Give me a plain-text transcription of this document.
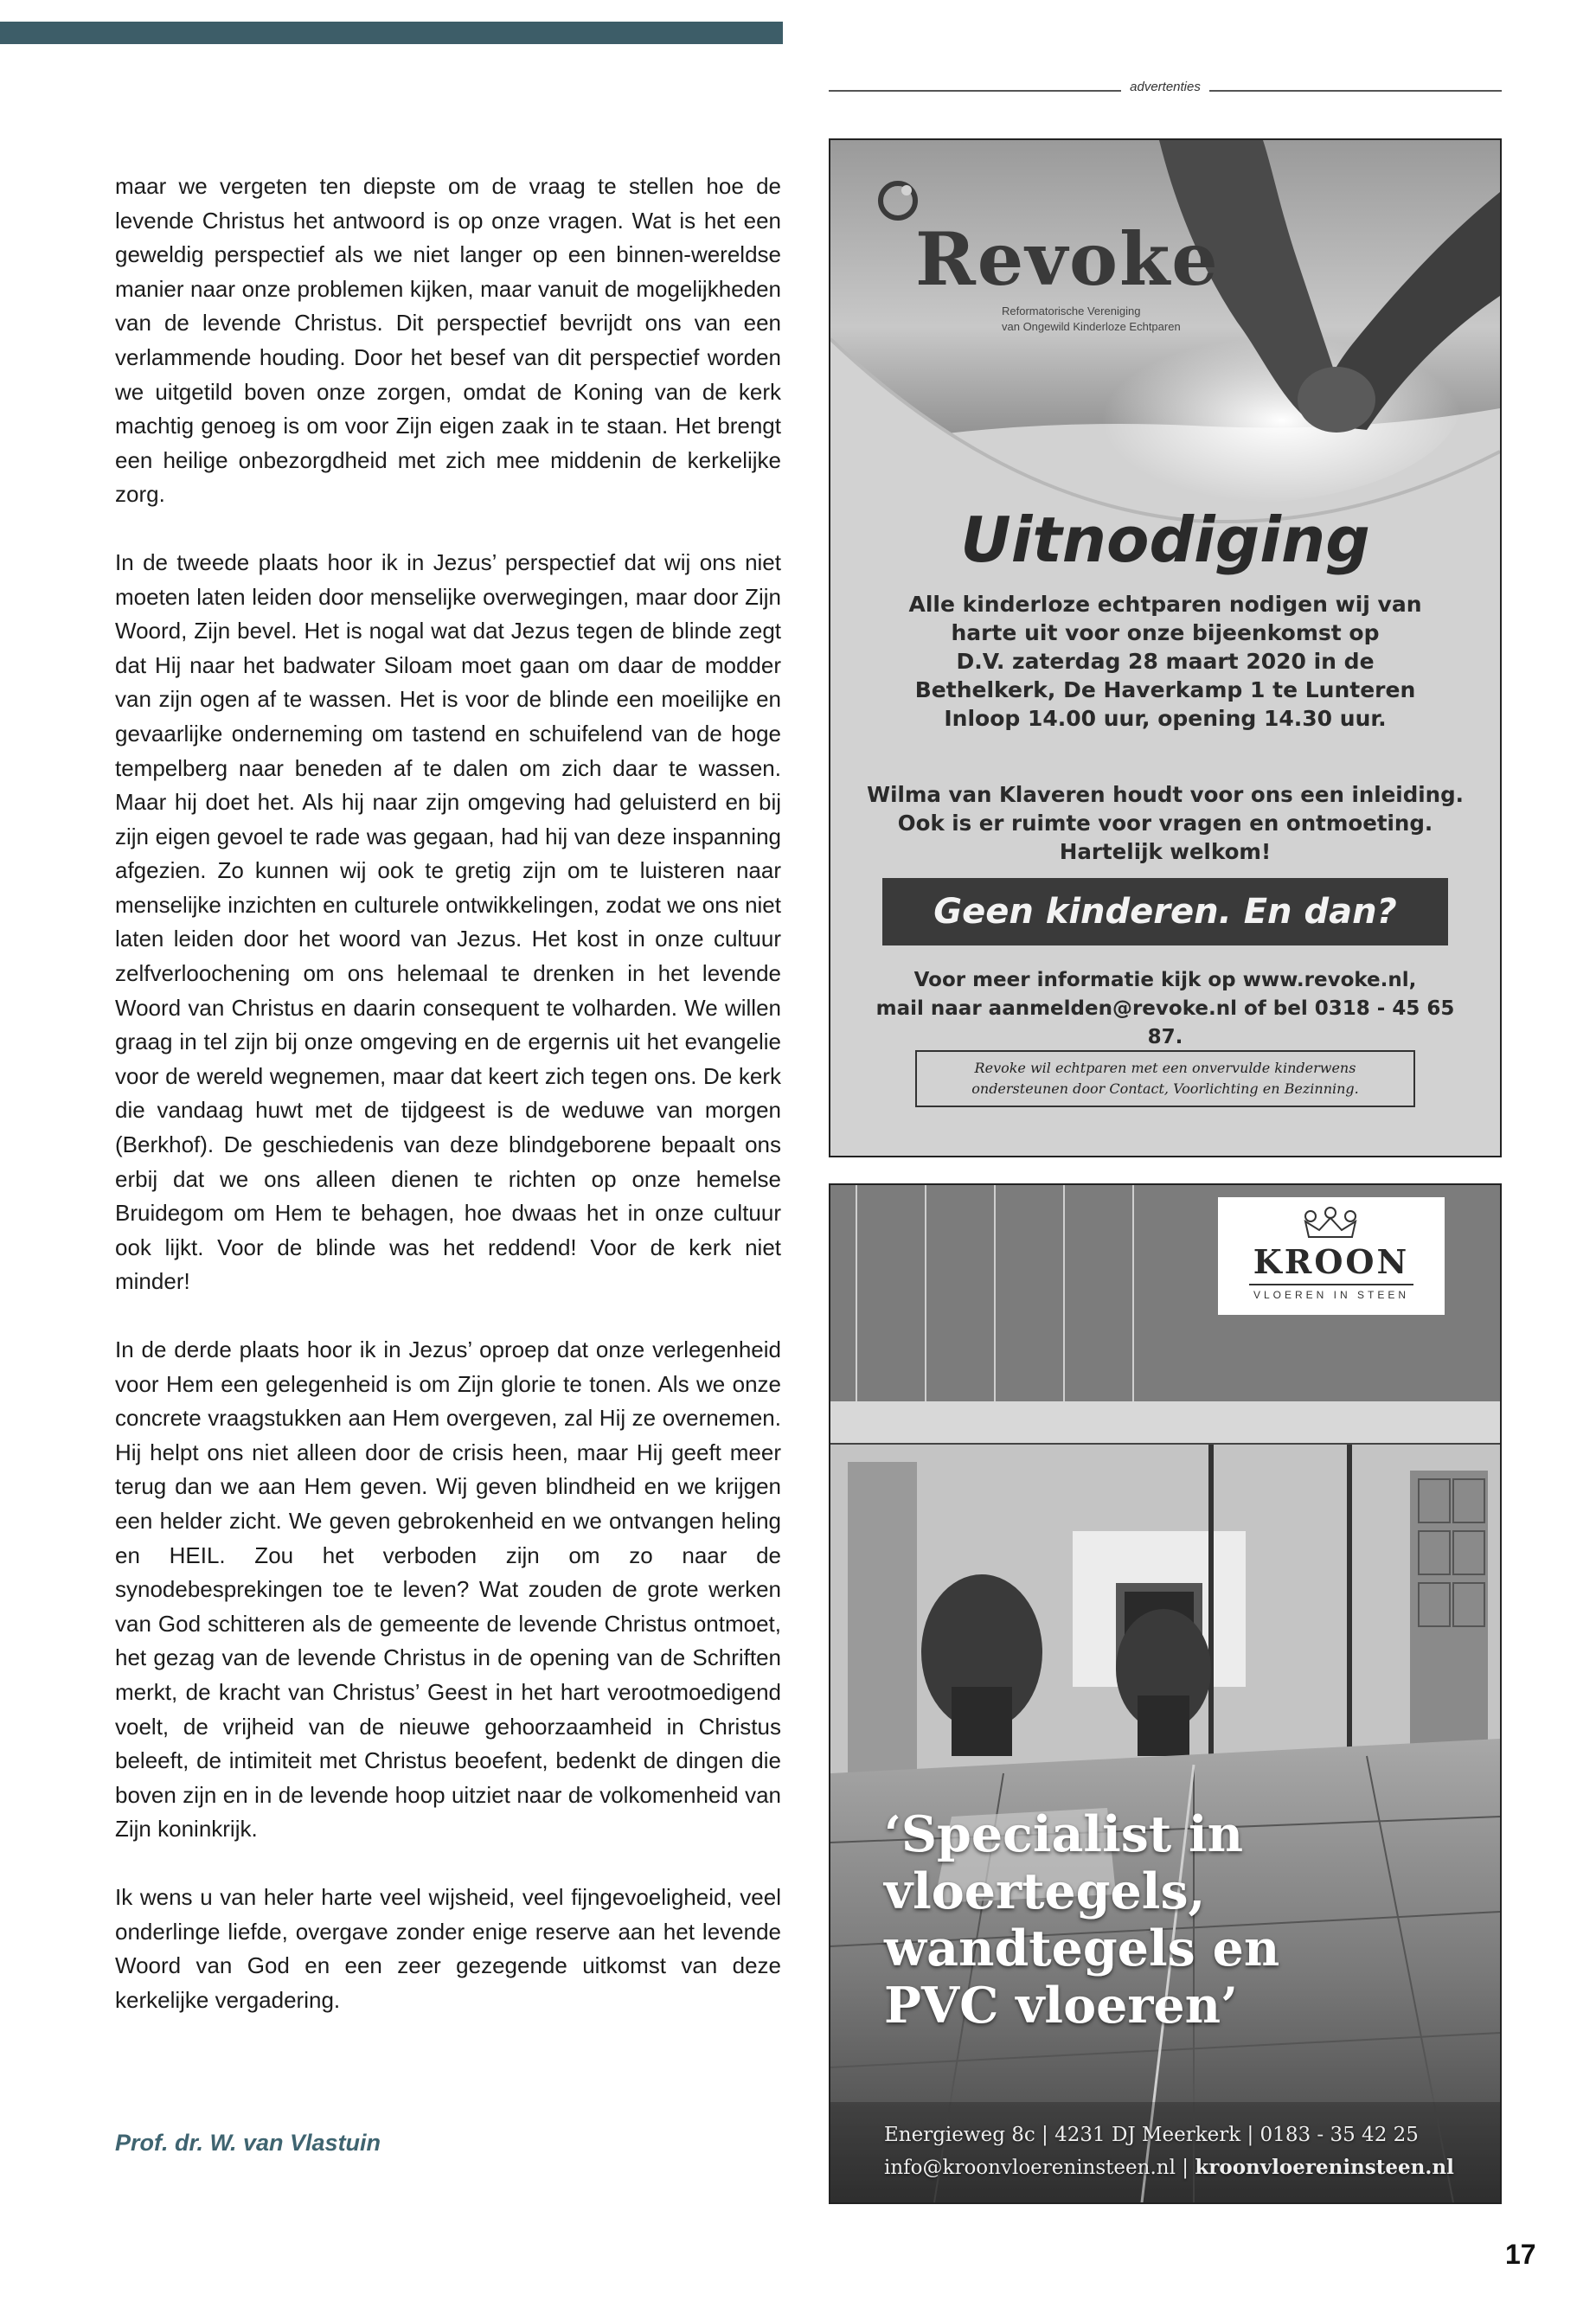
advertenties

maar we vergeten ten diepste om de vraag te stellen hoe de levende Christus het antwoord is op onze vragen. Wat is het een geweldig perspectief als we niet langer op een binnen-wereldse manier naar onze problemen kijken, maar vanuit de mogelijkheden van de levende Christus. Dit perspectief bevrijdt ons van een verlammende houding. Door het besef van dit perspectief worden we uitgetild boven onze zorgen, omdat de Koning van de kerk machtig genoeg is om voor Zijn eigen zaak in te staan. Het brengt een heilige onbezorgdheid met zich mee middenin de kerkelijke zorg.

In de tweede plaats hoor ik in Jezus’ perspectief dat wij ons niet moeten laten leiden door menselijke overwegingen, maar door Zijn Woord, Zijn bevel. Het is nogal wat dat Jezus tegen de blinde zegt dat Hij naar het badwater Siloam moet gaan om daar de modder van zijn ogen af te wassen. Het is voor de blinde een moeilijke en gevaarlijke onderneming om tastend en schuifelend van de hoge tempelberg naar beneden af te dalen om zich daar te wassen. Maar hij doet het. Als hij naar zijn omgeving had geluisterd en bij zijn eigen gevoel te rade was gegaan, had hij van deze inspanning afgezien. Zo kunnen wij ook te gretig zijn om te luisteren naar menselijke inzichten en culturele ontwikkelingen, zodat we ons niet laten leiden door het woord van Jezus. Het kost in onze cultuur zelfverloochening om ons helemaal te drenken in het levende Woord van Christus en daarin consequent te volharden. We willen graag in tel zijn bij onze omgeving en de ergernis uit het evangelie voor de wereld wegnemen, maar dat keert zich tegen ons. De kerk die vandaag huwt met de tijdgeest is de weduwe van morgen (Berkhof). De geschiedenis van deze blindgeborene bepaalt ons erbij dat we ons alleen dienen te richten op onze hemelse Bruidegom om Hem te behagen, hoe dwaas het in onze cultuur ook lijkt. Voor de blinde was het reddend! Voor de kerk niet minder!

In de derde plaats hoor ik in Jezus’ oproep dat onze verlegenheid voor Hem een gelegenheid is om Zijn glorie te tonen. Als we onze concrete vraagstukken aan Hem overgeven, zal Hij ze overnemen. Hij helpt ons niet alleen door de crisis heen, maar Hij geeft meer terug dan we aan Hem geven. Wij geven blindheid en we krijgen een helder zicht. We geven gebrokenheid en we ontvangen heling en HEIL. Zou het verboden zijn om zo naar de synodebesprekingen toe te leven? Wat zouden de grote werken van God schitteren als de gemeente de levende Christus ontmoet, het gezag van de levende Christus in de opening van de Schriften merkt, de kracht van Christus’ Geest in het hart verootmoedigend voelt, de vrijheid van de nieuwe gehoorzaamheid in Christus beleeft, de intimiteit met Christus beoefent, bedenkt de dingen die boven zijn en in de levende hoop uitziet naar de volkomenheid van Zijn koninkrijk.

Ik wens u van heler harte veel wijsheid, veel fijngevoeligheid, veel onderlinge liefde, overgave zonder enige reserve aan het levende Woord van God en een zeer gezegende uitkomst van deze kerkelijke vergadering.

Prof. dr. W. van Vlastuin
Revoke
Reformatorische Vereniging
van Ongewild Kinderloze Echtparen
Uitnodiging
Alle kinderloze echtparen nodigen wij van
harte uit voor onze bijeenkomst op
D.V. zaterdag 28 maart 2020 in de
Bethelkerk, De Haverkamp 1 te Lunteren
Inloop 14.00 uur, opening 14.30 uur.
Wilma van Klaveren houdt voor ons een inleiding.
Ook is er ruimte voor vragen en ontmoeting.
Hartelijk welkom!
Geen kinderen. En dan?
Voor meer informatie kijk op www.revoke.nl,
mail naar aanmelden@revoke.nl of bel 0318 - 45 65 87.
Revoke wil echtparen met een onvervulde kinderwens
ondersteunen door Contact, Voorlichting en Bezinning.
KROON
VLOEREN IN STEEN
‘Specialist in
vloertegels,
wandtegels en
PVC vloeren’
Energieweg 8c | 4231 DJ Meerkerk | 0183 - 35 42 25
info@kroonvloereninsteen.nl | kroonvloereninsteen.nl
17
